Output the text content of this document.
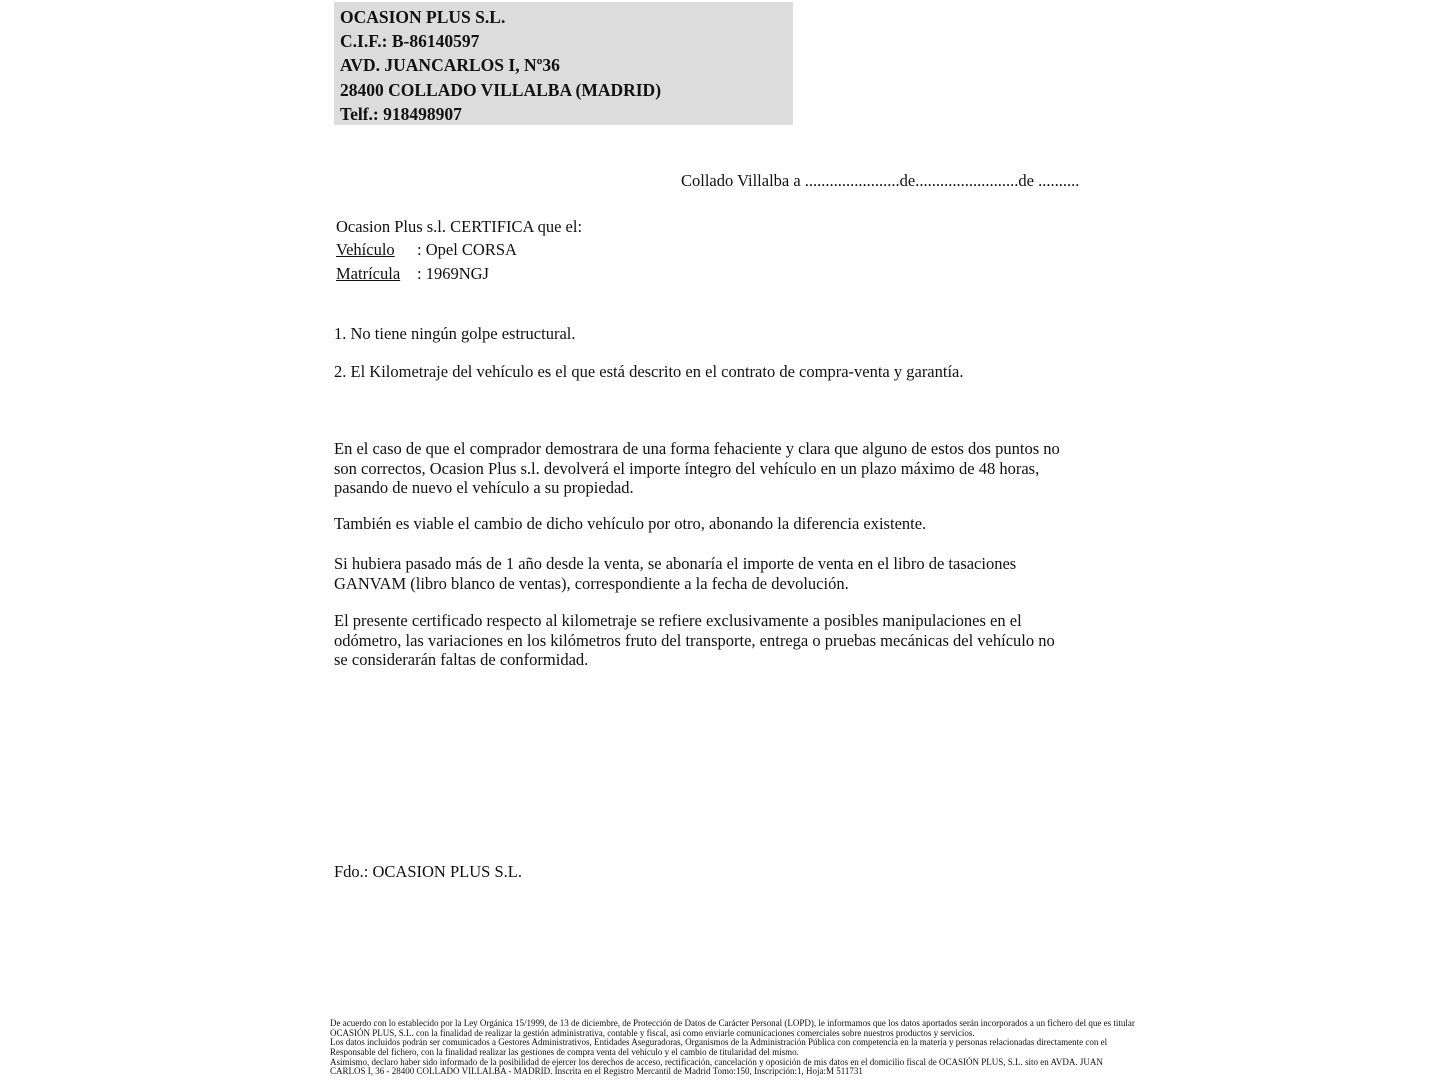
OCASION PLUS S.L.
C.I.F.: B-86140597
AVD. JUANCARLOS I, Nº36
28400 COLLADO VILLALBA (MADRID)
Telf.: 918498907
Collado Villalba a .......................de.........................de ..........
Ocasion Plus s.l. CERTIFICA que el:
Vehículo : Opel CORSA
Matrícula : 1969NGJ
1. No tiene ningún golpe estructural.
2. El Kilometraje del vehículo es el que está descrito en el contrato de compra-venta y garantía.
En el caso de que el comprador demostrara de una forma fehaciente y clara que alguno de estos dos puntos no
son correctos, Ocasion Plus s.l. devolverá el importe íntegro del vehículo en un plazo máximo de 48 horas,
pasando de nuevo el vehículo a su propiedad.
También es viable el cambio de dicho vehículo por otro, abonando la diferencia existente.
Si hubiera pasado más de 1 año desde la venta, se abonaría el importe de venta en el libro de tasaciones
GANVAM (libro blanco de ventas), correspondiente a la fecha de devolución.
El presente certificado respecto al kilometraje se refiere exclusivamente a posibles manipulaciones en el
odómetro, las variaciones en los kilómetros fruto del transporte, entrega o pruebas mecánicas del vehículo no
se considerarán faltas de conformidad.
Fdo.: OCASION PLUS S.L.
De acuerdo con lo establecido por la Ley Orgánica 15/1999, de 13 de diciembre, de Protección de Datos de Carácter Personal (LOPD), le informamos que los datos aportados serán incorporados a un fichero del que es titular
OCASIÓN PLUS, S.L. con la finalidad de realizar la gestión administrativa, contable y fiscal, así como enviarle comunicaciones comerciales sobre nuestros productos y servicios.
Los datos incluidos podrán ser comunicados a Gestores Administrativos, Entidades Aseguradoras, Organismos de la Administración Pública con competencia en la materia y personas relacionadas directamente con el
Responsable del fichero, con la finalidad realizar las gestiones de compra venta del vehículo y el cambio de titularidad del mismo.
Asimismo, declaro haber sido informado de la posibilidad de ejercer los derechos de acceso, rectificación, cancelación y oposición de mis datos en el domicilio fiscal de OCASIÓN PLUS, S.L. sito en AVDA. JUAN
CARLOS I, 36 - 28400 COLLADO VILLALBA - MADRID. Inscrita en el Registro Mercantil de Madrid Tomo:150, Inscripción:1, Hoja:M 511731
